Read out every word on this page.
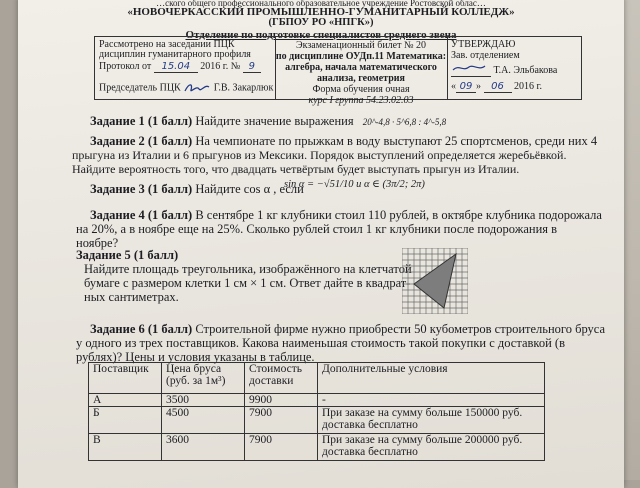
…ского общего профессионального образовательное учреждение Ростовской облас…
«НОВОЧЕРКАССКИЙ ПРОМЫШЛЕННО-ГУМАНИТАРНЫЙ КОЛЛЕДЖ»
(ГБПОУ РО «НПГК»)
Отделение по подготовке специалистов среднего звена
Рассмотрено на заседании ПЦК
дисциплин гуманитарного профиля
Протокол от 15.04 2016 г. № 9
Председатель ПЦК	Г.В. Закарлюк
Экзаменационный билет № 20
по дисциплине ОУДп.11 Математика:
алгебра, начала математического
анализа, геометрия
Форма обучения очная
курс I группа 54.23.02.03
УТВЕРЖДАЮ
Зав. отделением
Т.А. Эльбакова
« 09 » 06 2016 г.
Задание 1 (1 балл) Найдите значение выражения 20^-4,8 · 5^6,8 : 4^-5,8
Задание 2 (1 балл) На чемпионате по прыжкам в воду выступают 25 спортсменов, среди них 4
прыгуна из Италии и 6 прыгунов из Мексики. Порядок выступлений определяется жеребьёвкой.
Найдите вероятность того, что двадцать четвёртым будет выступать прыгун из Италии.
Задание 3 (1 балл) Найдите cos α , если
sin α = −√51/10 и α ∈ (3π/2; 2π)
Задание 4 (1 балл) В сентябре 1 кг клубники стоил 110 рублей, в октябре клубника подорожала
на 20%, а в ноябре еще на 25%. Сколько рублей стоил 1 кг клубники после подорожания в
ноябре?
Задание 5 (1 балл)
Найдите площадь треугольника, изображённого на клетчатой
бумаге с размером клетки 1 см × 1 см. Ответ дайте в квадрат-
ных сантиметрах.
Задание 6 (1 балл) Строительной фирме нужно приобрести 50 кубометров строительного бруса
у одного из трех поставщиков. Какова наименьшая стоимость такой покупки с доставкой (в
рублях)? Цены и условия указаны в таблице.
Поставщик	Цена бруса (руб. за 1м³)	Стоимость доставки	Дополнительные условия
А	3500	9900	-
Б	4500	7900	При заказе на сумму больше 150000 руб. доставка бесплатно
В	3600	7900	При заказе на сумму больше 200000 руб. доставка бесплатно
